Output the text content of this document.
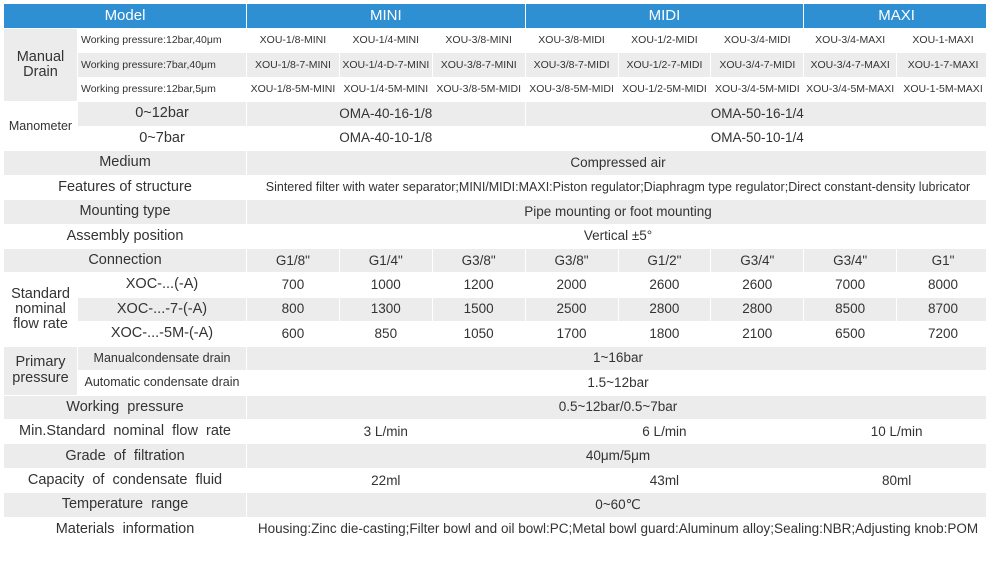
Model	MINI	MIDI	MAXI
Manual Drain
Working pressure:12bar,40μm	XOU-1/8-MINI	XOU-1/4-MINI	XOU-3/8-MINI	XOU-3/8-MIDI	XOU-1/2-MIDI	XOU-3/4-MIDI	XOU-3/4-MAXI	XOU-1-MAXI
Working pressure:7bar,40μm	XOU-1/8-7-MINI	XOU-1/4-D-7-MINI	XOU-3/8-7-MINI	XOU-3/8-7-MIDI	XOU-1/2-7-MIDI	XOU-3/4-7-MIDI	XOU-3/4-7-MAXI	XOU-1-7-MAXI
Working pressure:12bar,5μm	XOU-1/8-5M-MINI XOU-1/4-5M-MINI XOU-3/8-5M-MIDI XOU-3/8-5M-MIDI XOU-1/2-5M-MIDI XOU-3/4-5M-MIDI XOU-3/4-5M-MAXI XOU-1-5M-MAXI
Manometer
0~12bar	OMA-40-16-1/8	OMA-50-16-1/4
0~7bar	OMA-40-10-1/8	OMA-50-10-1/4
Medium	Compressed air
Features of structure	Sintered filter with water separator;MINI/MIDI:MAXI:Piston regulator;Diaphragm type regulator;Direct constant-density lubricator
Mounting type	Pipe mounting or foot mounting
Assembly position	Vertical ±5°
Connection	G1/8"	G1/4"	G3/8"	G3/8"	G1/2"	G3/4"	G3/4"	G1"
Standard nominal flow rate
XOC-...(-A)	700	1000	1200	2000	2600	2600	7000	8000
XOC-...-7-(-A)	800	1300	1500	2500	2800	2800	8500	8700
XOC-...-5M-(-A)	600	850	1050	1700	1800	2100	6500	7200
Primary pressure
Manualcondensate drain	1~16bar
Automatic condensate drain	1.5~12bar
Working  pressure	0.5~12bar/0.5~7bar
Min.Standard  nominal  flow  rate	3 L/min	6 L/min	10 L/min
Grade  of  filtration	40μm/5μm
Capacity  of  condensate  fluid	22ml	43ml	80ml
Temperature  range	0~60℃
Materials  information	Housing:Zinc die-casting;Filter bowl and oil bowl:PC;Metal bowl guard:Aluminum alloy;Sealing:NBR;Adjusting knob:POM
